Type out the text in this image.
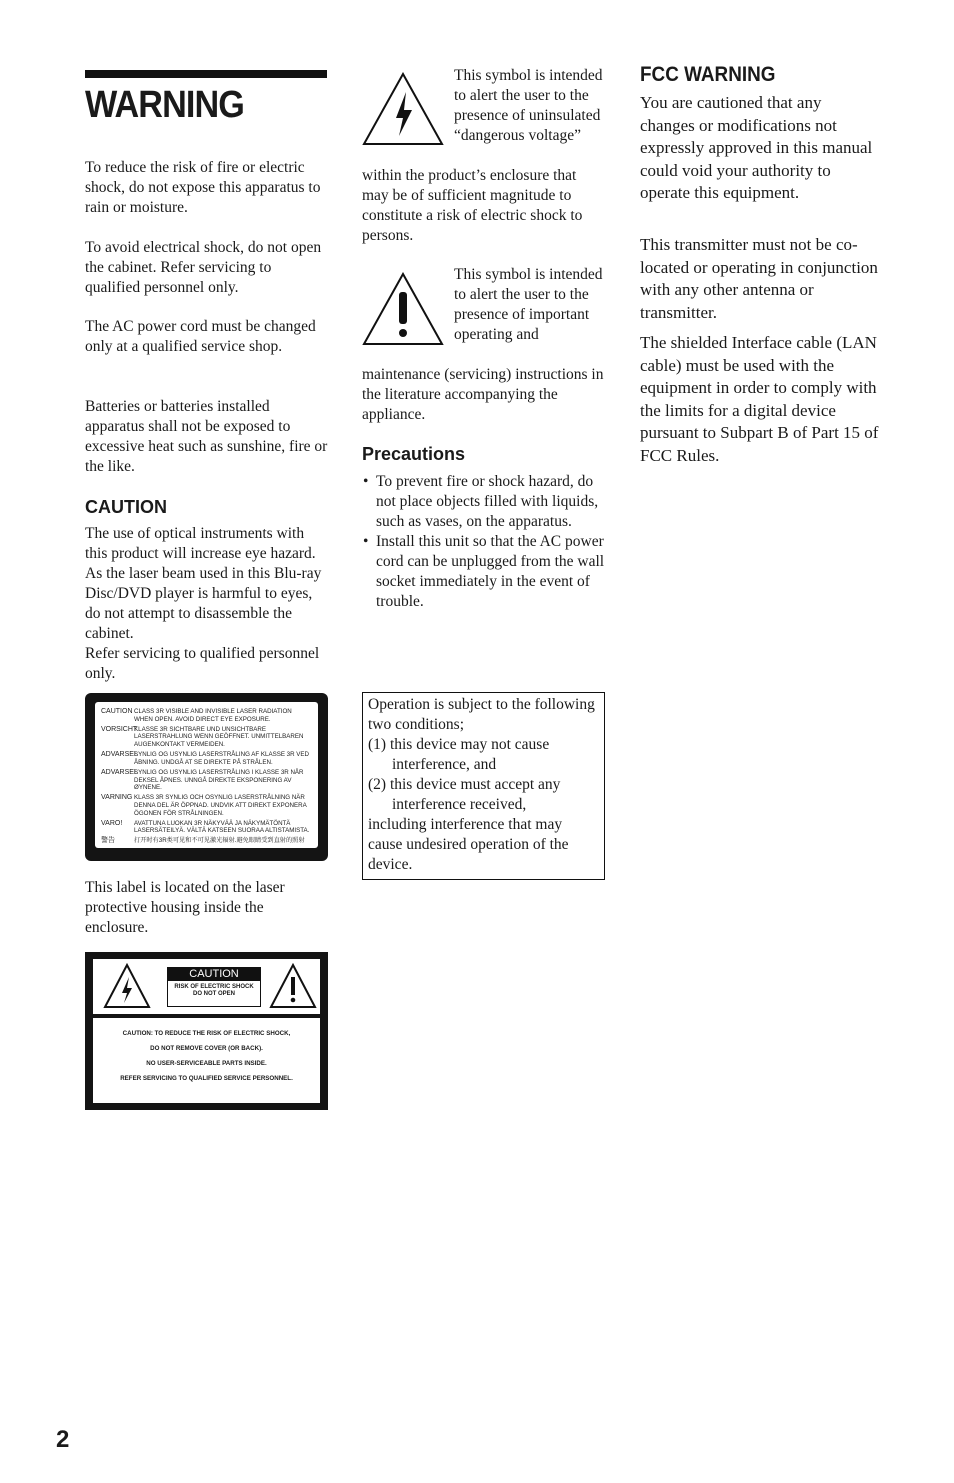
WARNING

To reduce the risk of fire or electric shock, do not expose this apparatus to rain or moisture.

To avoid electrical shock, do not open the cabinet. Refer servicing to qualified personnel only.

The AC power cord must be changed only at a qualified service shop.

Batteries or batteries installed apparatus shall not be exposed to excessive heat such as sunshine, fire or the like.

CAUTION

The use of optical instruments with this product will increase eye hazard. As the laser beam used in this Blu-ray Disc/DVD player is harmful to eyes, do not attempt to disassemble the cabinet.

Refer servicing to qualified personnel only.

CAUTION CLASS 3R VISIBLE AND INVISIBLE LASER RADIATION WHEN OPEN. AVOID DIRECT EYE EXPOSURE.
VORSICHT
KLASSE 3R SICHTBARE UND UNSICHTBARE LASERSTRAHLUNG WENN GEÖFFNET. UNMITTELBAREN AUGENKONTAKT VERMEIDEN.
ADVARSEL
SYNLIG OG USYNLIG LASERSTRÅLING AF KLASSE 3R VED ÅBNING. UNDGÅ AT SE DIREKTE PÅ STRÅLEN.
ADVARSEL
SYNLIG OG USYNLIG LASERSTRÅLING I KLASSE 3R NÅR DEKSEL ÅPNES. UNNGÅ DIREKTE EKSPONERING AV ØYNENE.
VARNING KLASS 3R SYNLIG OCH OSYNLIG LASERSTRÅLNING NÄR DENNA DEL ÄR ÖPPNAD. UNDVIK ATT DIREKT EXPONERA ÖGONEN FÖR STRÅLNINGEN.
VARO!	AVATTUNA LUOKAN 3R NÄKYVÄÄ JA NÄKYMÄTÖNTÄ LASERSÄTEILYÄ. VÄLTÄ KATSEEN SUORAA ALTISTAMISTA.
警告	打开时有3R类可见和不可见激光辐射.避免眼睛受到直射的照射

This label is located on the laser protective housing inside the enclosure.

CAUTION
RISK OF ELECTRIC SHOCK
DO NOT OPEN
CAUTION: TO REDUCE THE RISK OF ELECTRIC SHOCK,
DO NOT REMOVE COVER (OR BACK).
NO USER-SERVICEABLE PARTS INSIDE.
REFER SERVICING TO QUALIFIED SERVICE PERSONNEL.

This symbol is intended to alert the user to the presence of uninsulated “dangerous voltage”

within the product’s enclosure that may be of sufficient magnitude to constitute a risk of electric shock to persons.

This symbol is intended to alert the user to the presence of important operating and

maintenance (servicing) instructions in the literature accompanying the appliance.

Precautions
• To prevent fire or shock hazard, do not place objects filled with liquids, such as vases, on the apparatus.
• Install this unit so that the AC power cord can be unplugged from the wall socket immediately in the event of trouble.

Operation is subject to the following two conditions;

(1) this device may not cause interference, and

(2) this device must accept any interference received,

including interference that may cause undesired operation of the device.

FCC WARNING

You are cautioned that any changes or modifications not expressly approved in this manual could void your authority to operate this equipment.

This transmitter must not be co-located or operating in conjunction with any other antenna or transmitter.

The shielded Interface cable (LAN cable) must be used with the equipment in order to comply with the limits for a digital device pursuant to Subpart B of Part 15 of FCC Rules.

2
